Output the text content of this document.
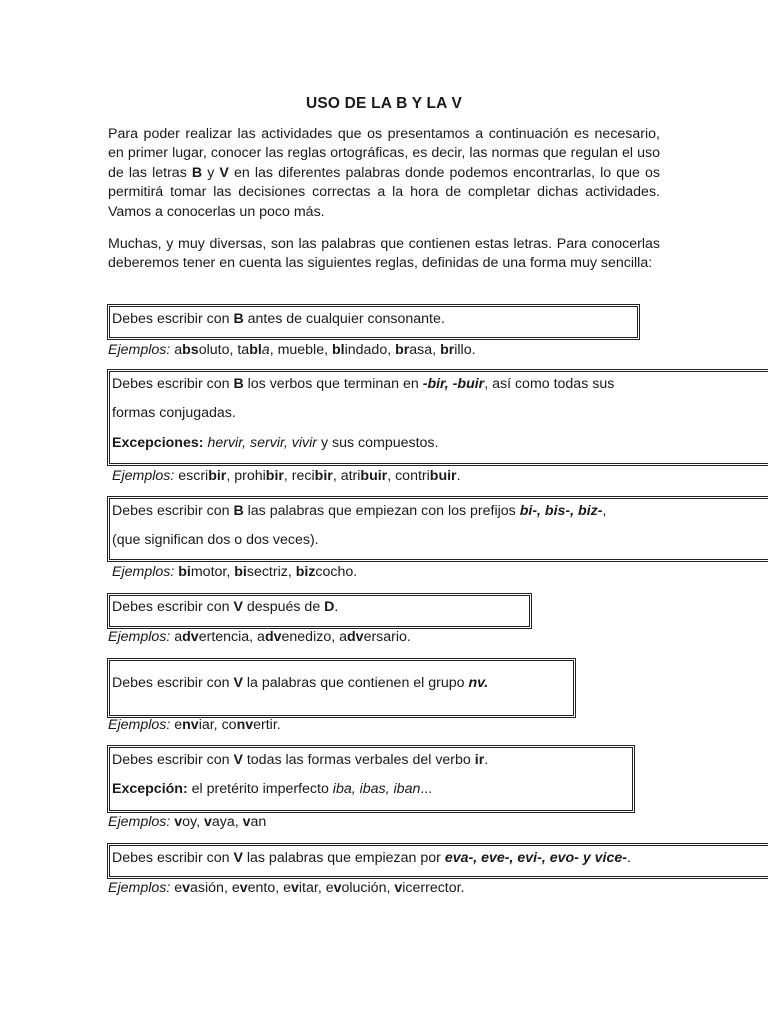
USO DE LA B Y LA V
Para poder realizar las actividades que os presentamos a continuación es necesario, en primer lugar, conocer las reglas ortográficas, es decir, las normas que regulan el uso de las letras B y V en las diferentes palabras donde podemos encontrarlas, lo que os permitirá tomar las decisiones correctas a la hora de completar dichas actividades. Vamos a conocerlas un poco más.
Muchas, y muy diversas, son las palabras que contienen estas letras. Para conocerlas deberemos tener en cuenta las siguientes reglas, definidas de una forma muy sencilla:
Debes escribir con B antes de cualquier consonante.
Ejemplos: absoluto, tabla, mueble, blindado, brasa, brillo.
Debes escribir con B los verbos que terminan en -bir, -buir, así como todas sus
formas conjugadas.
Excepciones: hervir, servir, vivir y sus compuestos.
Ejemplos: escribir, prohibir, recibir, atribuir, contribuir.
Debes escribir con B las palabras que empiezan con los prefijos bi-, bis-, biz-,
(que significan dos o dos veces).
Ejemplos: bimotor, bisectriz, bizcocho.
Debes escribir con V después de D.
Ejemplos: advertencia, advenedizo, adversario.
Debes escribir con V la palabras que contienen el grupo nv.
Ejemplos: enviar, convertir.
Debes escribir con V todas las formas verbales del verbo ir.
Excepción: el pretérito imperfecto iba, ibas, iban...
Ejemplos: voy, vaya, van
Debes escribir con V las palabras que empiezan por eva-, eve-, evi-, evo- y vice-.
Ejemplos: evasión, evento, evitar, evolución, vicerrector.
